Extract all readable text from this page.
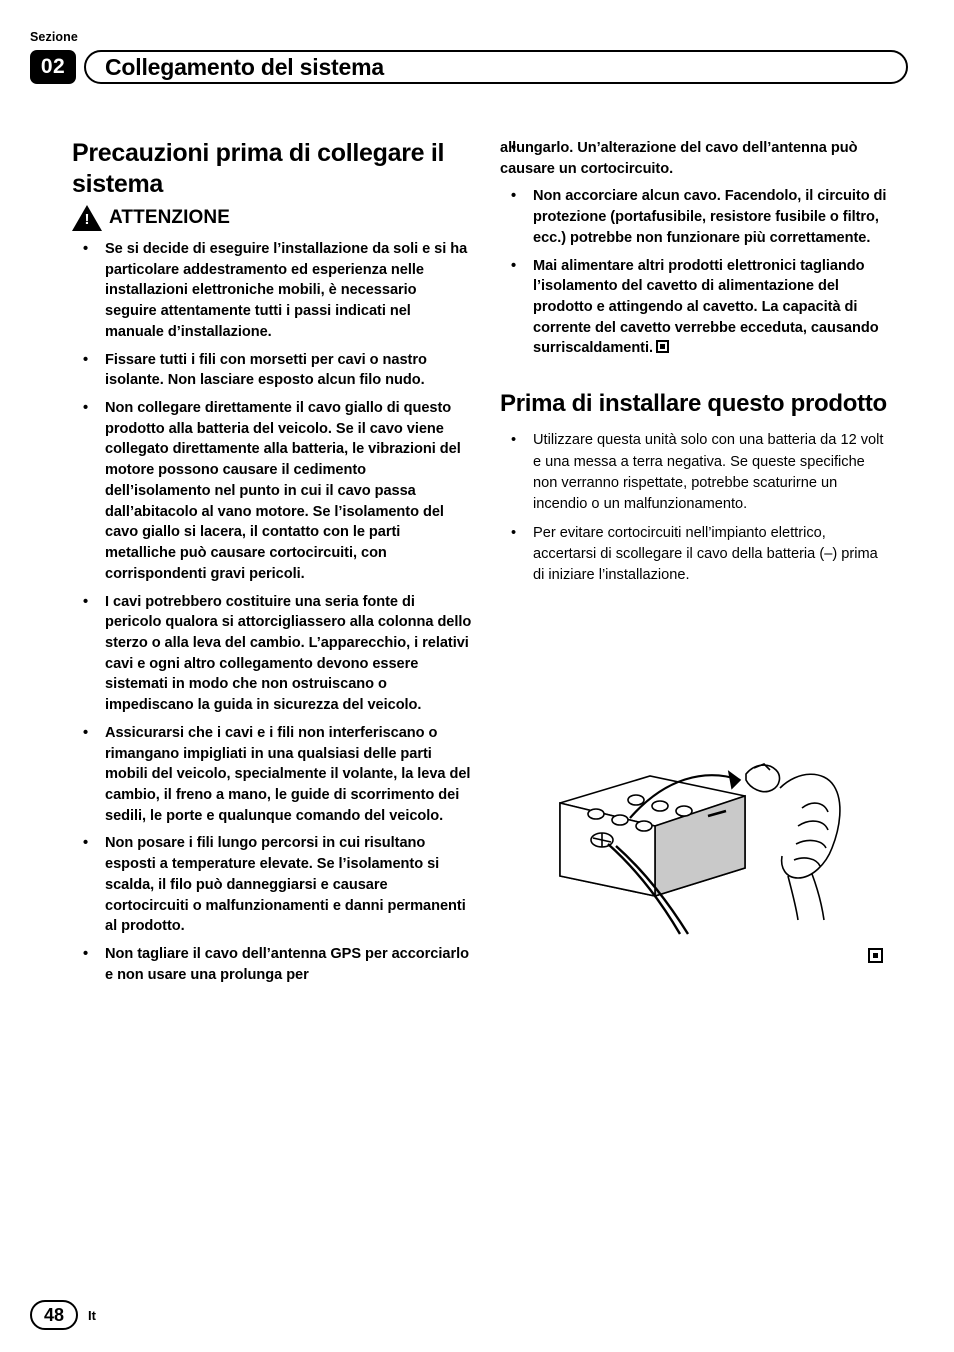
Sezione
02	Collegamento del sistema
Precauzioni prima di collegare il sistema
!
ATTENZIONE
• Se si decide di eseguire l’installazione da soli e si ha particolare addestramento ed esperienza nelle installazioni elettroniche mobili, è necessario seguire attentamente tutti i passi indicati nel manuale d’installazione.
• Fissare tutti i fili con morsetti per cavi o nastro isolante. Non lasciare esposto alcun filo nudo.
• Non collegare direttamente il cavo giallo di questo prodotto alla batteria del veicolo. Se il cavo viene collegato direttamente alla batteria, le vibrazioni del motore possono causare il cedimento dell’isolamento nel punto in cui il cavo passa dall’abitacolo al vano motore. Se l’isolamento del cavo giallo si lacera, il contatto con le parti metalliche può causare cortocircuiti, con corrispondenti gravi pericoli.
• I cavi potrebbero costituire una seria fonte di pericolo qualora si attorcigliassero alla colonna dello sterzo o alla leva del cambio. L’apparecchio, i relativi cavi e ogni altro collegamento devono essere sistemati in modo che non ostruiscano o impediscano la guida in sicurezza del veicolo.
• Assicurarsi che i cavi e i fili non interferiscano o rimangano impigliati in una qualsiasi delle parti mobili del veicolo, specialmente il volante, la leva del cambio, il freno a mano, le guide di scorrimento dei sedili, le porte e qualunque comando del veicolo.
• Non posare i fili lungo percorsi in cui risultano esposti a temperature elevate. Se l’isolamento si scalda, il filo può danneggiarsi e causare cortocircuiti o malfunzionamenti e danni permanenti al prodotto.
• Non tagliare il cavo dell’antenna GPS per accorciarlo e non usare una prolunga per
• allungarlo. Un’alterazione del cavo dell’antenna può causare un cortocircuito.
• Non accorciare alcun cavo. Facendolo, il circuito di protezione (portafusibile, resistore fusibile o filtro, ecc.) potrebbe non funzionare più correttamente.
• Mai alimentare altri prodotti elettronici tagliando l’isolamento del cavetto di alimentazione del prodotto e attingendo al cavetto. La capacità di corrente del cavetto verrebbe ecceduta, causando surriscaldamenti.
Prima di installare questo prodotto
• Utilizzare questa unità solo con una batteria da 12 volt e una messa a terra negativa. Se queste specifiche non verranno rispettate, potrebbe scaturirne un incendio o un malfunzionamento.
• Per evitare cortocircuiti nell’impianto elettrico, accertarsi di scollegare il cavo della batteria (–) prima di iniziare l’installazione.
48	It
